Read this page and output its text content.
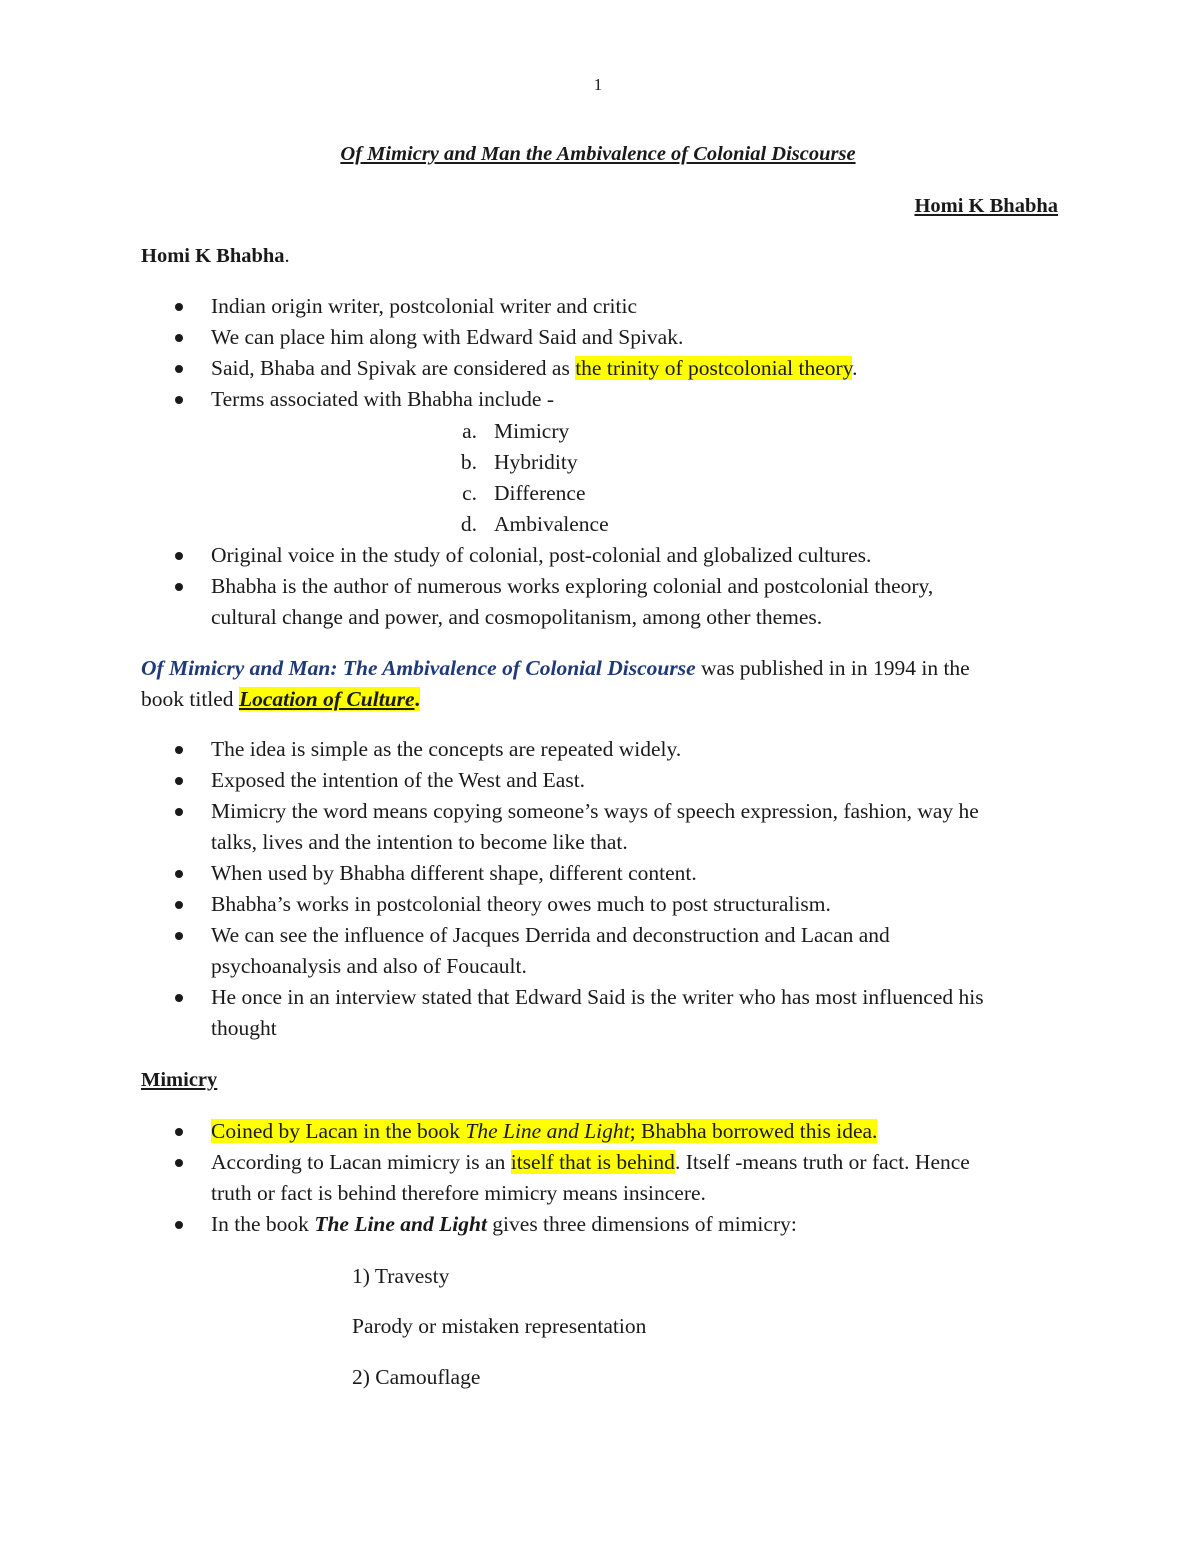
1
Of Mimicry and Man the Ambivalence of Colonial Discourse
Homi K Bhabha
Homi K Bhabha.
Indian origin writer, postcolonial writer and critic
We can place him along with Edward Said and Spivak.
Said, Bhaba and Spivak are considered as the trinity of postcolonial theory.
Terms associated with Bhabha include -
a. Mimicry
b. Hybridity
c. Difference
d. Ambivalence
Original voice in the study of colonial, post-colonial and globalized cultures.
Bhabha is the author of numerous works exploring colonial and postcolonial theory,
cultural change and power, and cosmopolitanism, among other themes.
Of Mimicry and Man: The Ambivalence of Colonial Discourse was published in in 1994 in the
book titled Location of Culture.
The idea is simple as the concepts are repeated widely.
Exposed the intention of the West and East.
Mimicry the word means copying someone’s ways of speech expression, fashion, way he
talks, lives and the intention to become like that.
When used by Bhabha different shape, different content.
Bhabha’s works in postcolonial theory owes much to post structuralism.
We can see the influence of Jacques Derrida and deconstruction and Lacan and
psychoanalysis and also of Foucault.
He once in an interview stated that Edward Said is the writer who has most influenced his
thought
Mimicry
Coined by Lacan in the book The Line and Light; Bhabha borrowed this idea.
According to Lacan mimicry is an itself that is behind. Itself -means truth or fact. Hence
truth or fact is behind therefore mimicry means insincere.
In the book The Line and Light gives three dimensions of mimicry:
1) Travesty
Parody or mistaken representation
2) Camouflage
